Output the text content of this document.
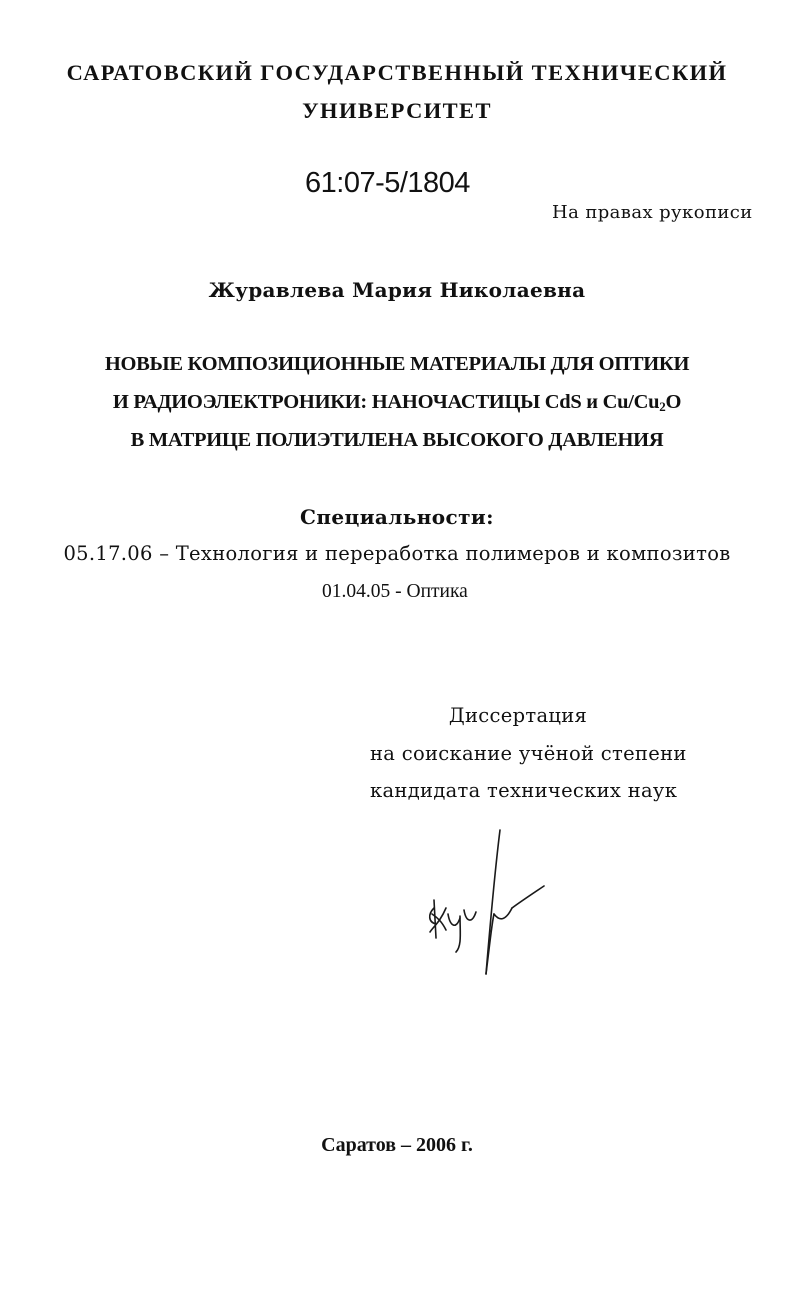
САРАТОВСКИЙ ГОСУДАРСТВЕННЫЙ ТЕХНИЧЕСКИЙ
УНИВЕРСИТЕТ
61:07-5/1804
На правах рукописи
Журавлева Мария Николаевна
НОВЫЕ КОМПОЗИЦИОННЫЕ МАТЕРИАЛЫ ДЛЯ ОПТИКИ
И РАДИОЭЛЕКТРОНИКИ: НАНОЧАСТИЦЫ CdS и $Cu/Cu_2O$
В МАТРИЦЕ ПОЛИЭТИЛЕНА ВЫСОКОГО ДАВЛЕНИЯ
Специальности:
05.17.06 – Технология и переработка полимеров и композитов
01.04.05 - Оптика
Диссертация
на соискание учёной степени
кандидата технических наук
Саратов – 2006 г.
